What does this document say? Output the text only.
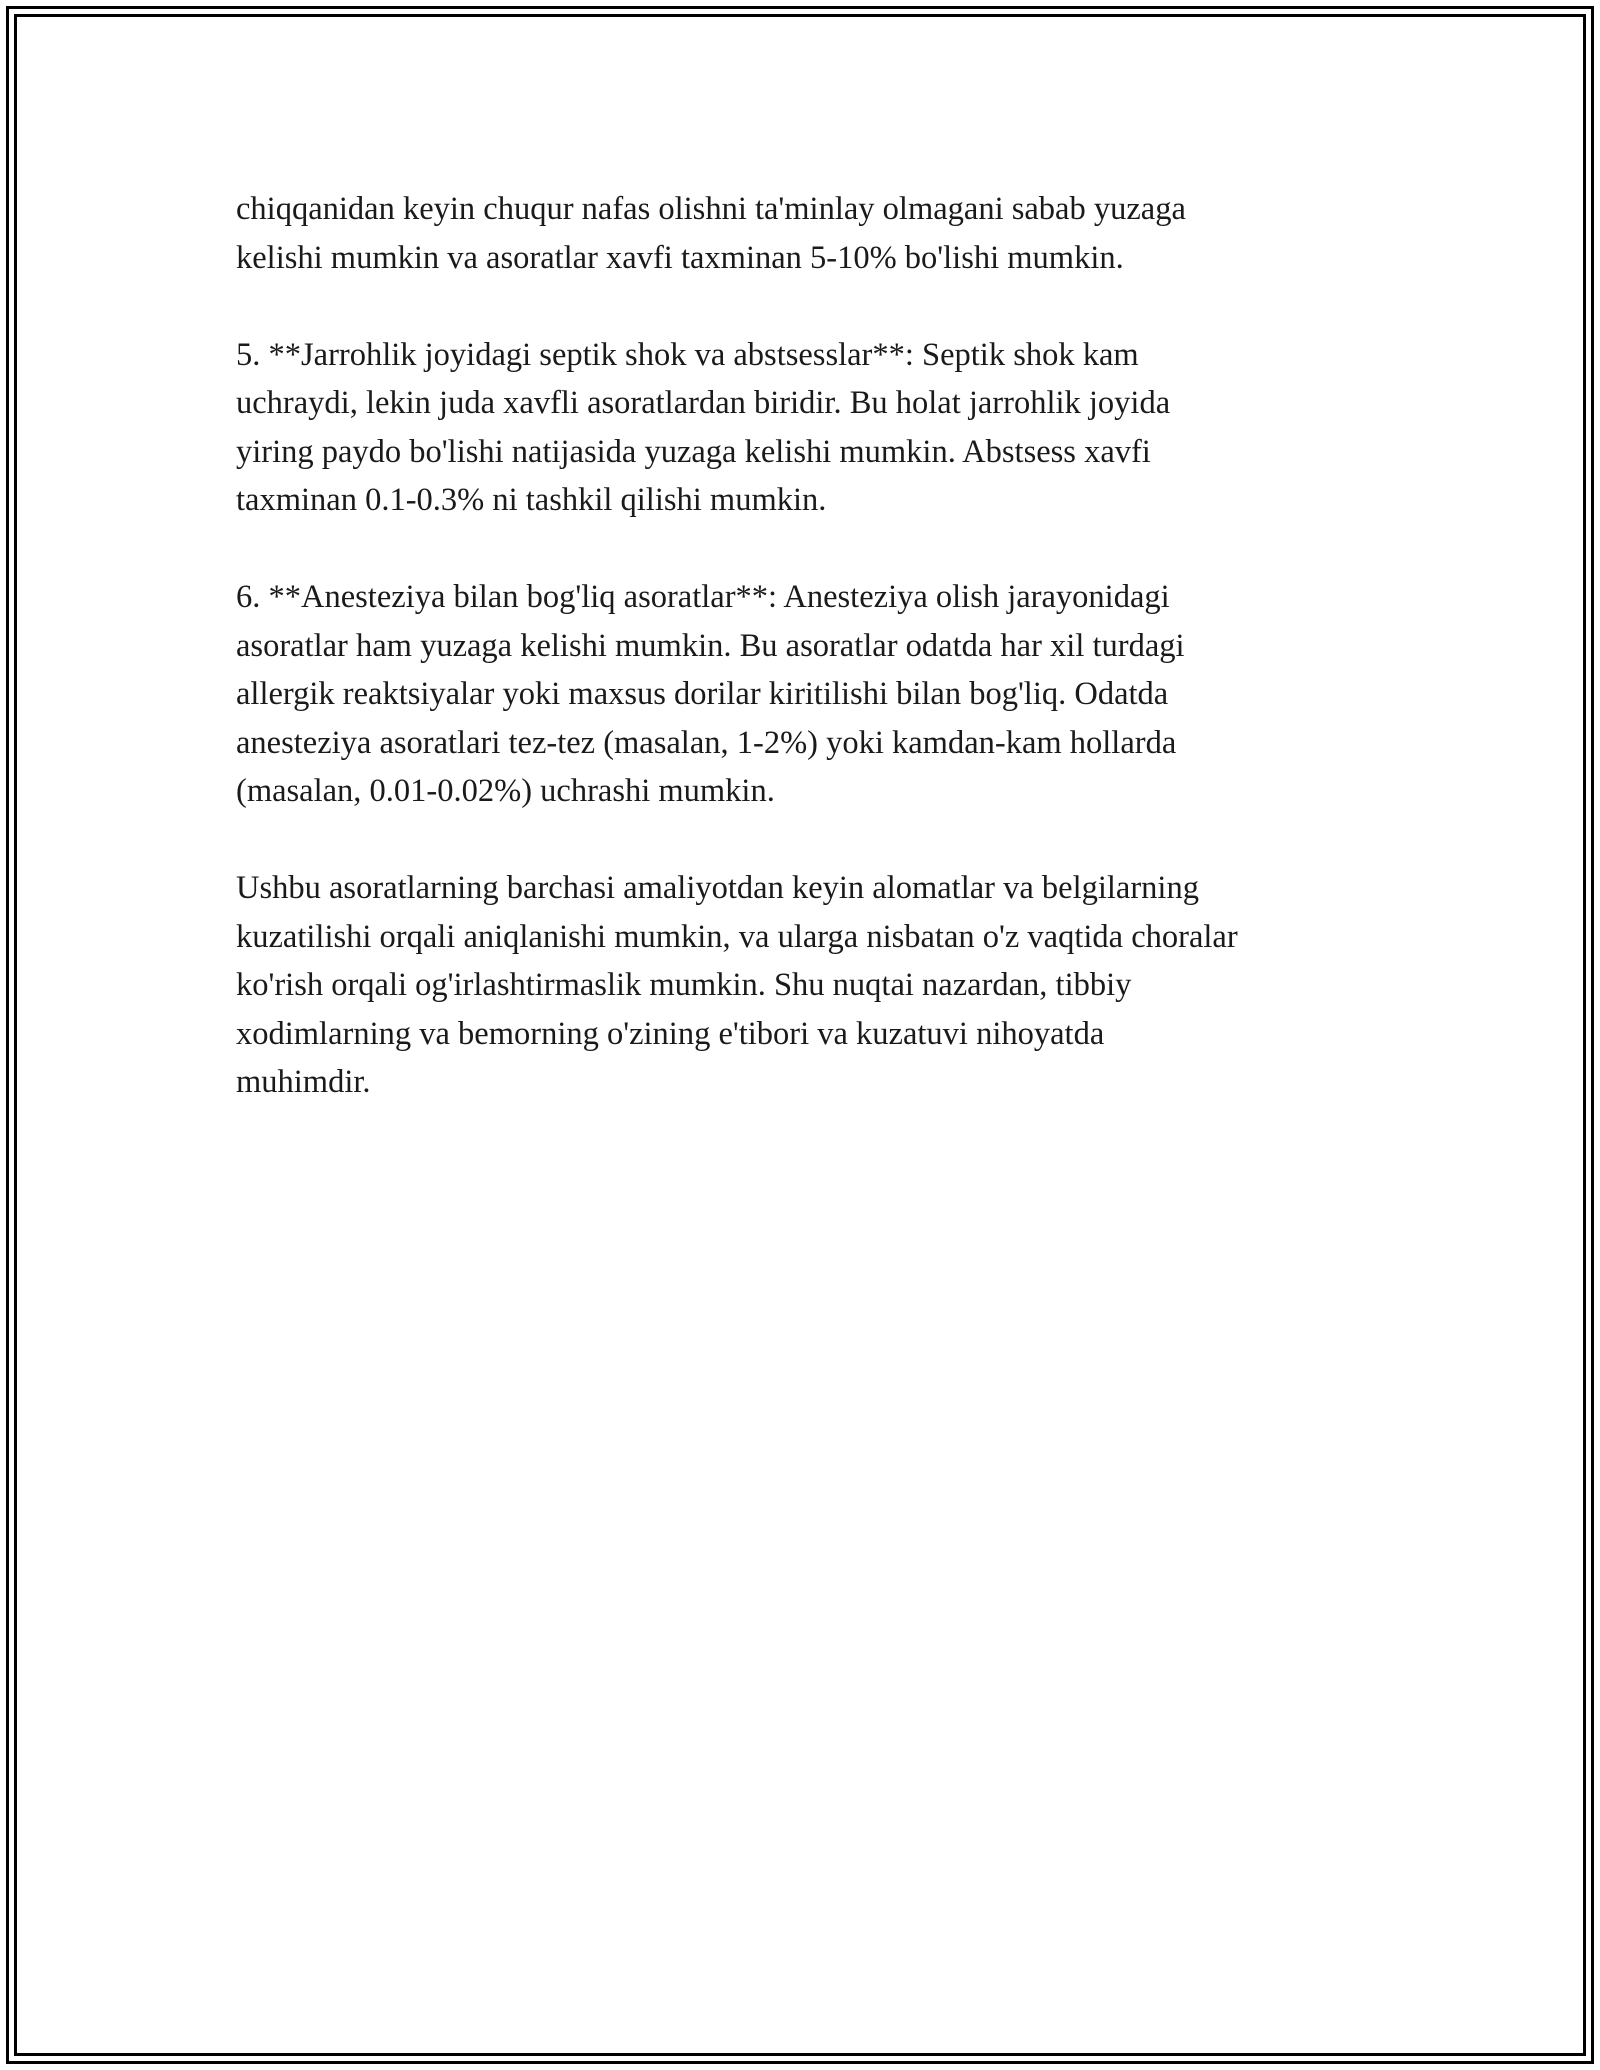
chiqqanidan keyin chuqur nafas olishni ta'minlay olmagani sabab yuzaga
kelishi mumkin va asoratlar xavfi taxminan 5-10% bo'lishi mumkin.

5. **Jarrohlik joyidagi septik shok va abstsesslar**: Septik shok kam
uchraydi, lekin juda xavfli asoratlardan biridir. Bu holat jarrohlik joyida
yiring paydo bo'lishi natijasida yuzaga kelishi mumkin. Abstsess xavfi
taxminan 0.1-0.3% ni tashkil qilishi mumkin.

6. **Anesteziya bilan bog'liq asoratlar**: Anesteziya olish jarayonidagi
asoratlar ham yuzaga kelishi mumkin. Bu asoratlar odatda har xil turdagi
allergik reaktsiyalar yoki maxsus dorilar kiritilishi bilan bog'liq. Odatda
anesteziya asoratlari tez-tez (masalan, 1-2%) yoki kamdan-kam hollarda
(masalan, 0.01-0.02%) uchrashi mumkin.

Ushbu asoratlarning barchasi amaliyotdan keyin alomatlar va belgilarning
kuzatilishi orqali aniqlanishi mumkin, va ularga nisbatan o'z vaqtida choralar
ko'rish orqali og'irlashtirmaslik mumkin. Shu nuqtai nazardan, tibbiy
xodimlarning va bemorning o'zining e'tibori va kuzatuvi nihoyatda
muhimdir.
